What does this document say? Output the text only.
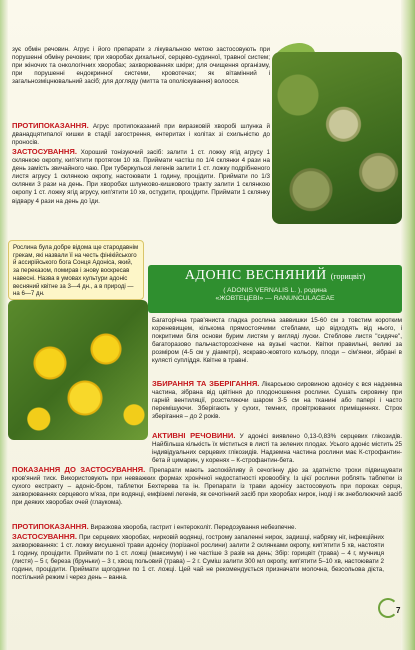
зує обмін речовин. Агрус і його препарати з лікувальною метою застосовують при порушенні обміну речовин; при хворобах дихальної, серцево-судинної, травної систем; при жіночих та онкологічних хворобах; захворюваннях шкіри; для очищення організму, при порушенні ендокринної системи, кровотечах; як вітамінний і загальнозміцнювальний засіб; для догляду (митта та ополіскування) волосся.
ПРОТИПОКАЗАННЯ. Агрус протипоказаний при виразковій хворобі шлунка й дванадцятипалої кишки в стадії загострення, ентеритах і колітах зі схильністю до проносів.
ЗАСТОСУВАННЯ. Хороший тонізуючий засіб: залити 1 ст. ложку ягід агрусу 1 склянкою окропу, кип'ятити протягом 10 хв. Приймати частіш по 1/4 склянки 4 рази на день замість звичайного чаю. При туберкульозі легенів залити 1 ст. ложку подрібненого листя агрусу 1 склянкою окропу, настоювати 1 годину, процідити. Приймати по 1/3 склянки 3 рази на день. При хворобах шлунково-кишкового тракту залити 1 склянкою окропу 1 ст. ложку ягід агрусу, кип'ятити 10 хв, остудити, процідити. Приймати 1 склянку відвару 4 рази на день до їди.
Рослина була добре відома ще стародавнім грекам, які назвали її на честь фінікійського й ассирійського бога Сонця Адоніса, який, за переказом, помирав і знову воскресав навесні. Назва в умовах культури адоніс весняний квітне за 3—4 дн., а в природі — на 6—7 дн.
АДОНІС ВЕСНЯНИЙ (горицвіт)
( ADONIS VERNALIS L. ), родина
«ЖОВТЕЦЕВІ» — RANUNCULACEAE
Багаторічна трав'яниста гладка рослина заввишки 15-60 см з товстим коротким кореневищем, кількома прямостоячими стеблами, що відходять від нього, і покритими біля основи бурим листям у вигляді луски. Стеблове листя "сидяче", багаторазово пальчасторозсічене на вузькі частки. Квітки правильні, великі за розміром (4-5 см у діаметрі), яскраво-жовтого кольору, плоди – сім'янки, зібрані в кулясті супліддя. Квітне в травні.
ЗБИРАННЯ ТА ЗБЕРІГАННЯ. Лікарською сировиною адонісу є вся надземна частина, зібрана від цвітіння до плодоношення рослини. Сушать сировину при гарній вентиляції, розстеляючи шаром 3-5 см на тканині або папері і часто перемішуючи. Зберігають у сухих, темних, провітрюваних приміщеннях. Строк зберігання – до 2 років.
АКТИВНІ РЕЧОВИНИ. У адонісі виявлено 0,13-0,83% серцевих глікозидів. Найбільша кількість їх міститься в листі та зелених плодах. Усього адоніс містить 25 індивідуальних серцевих глікозидів. Надземна частина рослини має К-строфантин-бета й цимарин, у коренях – К-строфантин-бета.
ПОКАЗАННЯ ДО ЗАСТОСУВАННЯ. Препарати мають заспокійливу й сечогінну дію за здатністю трохи підвищувати кров'яний тиск. Використовують при невважких формах хронічної недостатності кровообігу. Із цієї рослини роблять таблетки із сухого екстракту – адоніс-бром, таблетки Бехтерева та ін. Препарати із трави адонісу застосовують при пороках серця, захворюваннях серцевого м'яза, при водянці, емфіземі легенів, як сечогінний засіб при хворобах нирок, іноді і як знеболюючий засіб при деяких хворобах очей (глаукома).
ПРОТИПОКАЗАННЯ. Виразкова хвороба, гастрит і ентероколіт. Передозування небезпечне.
ЗАСТОСУВАННЯ. При серцевих хворобах, нирковій водянці, гострому запаленні нирок, задишці, набряку ніг, інфекційних захворюваннях: 1 ст. ложку висушеної трави адонісу (порізаної рослини) залити 2 склянками окропу, кип'ятити 5 хв, настояти 1 годину, процідити. Приймати по 1 ст. ложці (максимум) і не частіше 3 разів на день; Збір: горицвіт (трава) – 4 г, мучниця (листя) – 5 г, береза (бруньки) – 3 г, хвощ польовий (трава) – 2 г. Суміш залити 300 мл окропу, кип'ятити 5–10 хв, настоювати 2 години, процідити. Приймати щогодини по 1 ст. ложці. Цей чай не рекомендується призначати молочна, безсольова дієта, постільний режим і через день – ванна.
7
